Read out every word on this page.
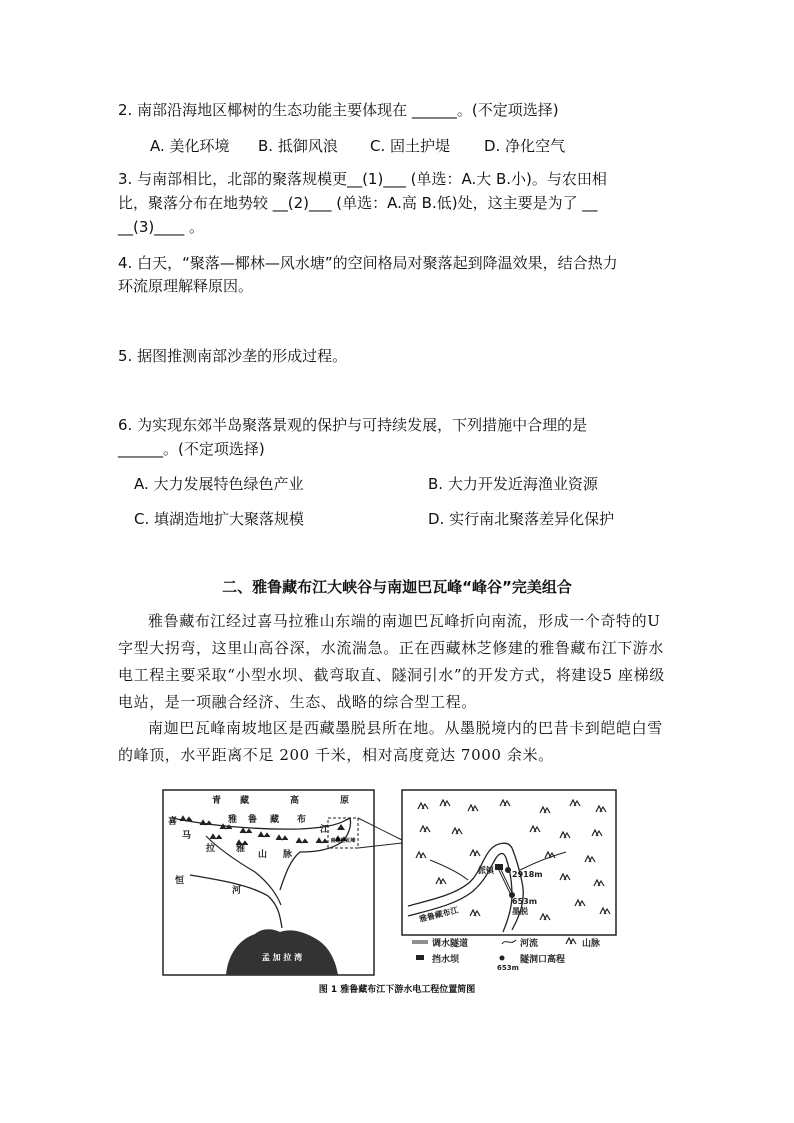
2. 南部沿海地区椰树的生态功能主要体现在 ______。(不定项选择)
A. 美化环境 B. 抵御风浪 C. 固土护堤 D. 净化空气
3. 与南部相比，北部的聚落规模更__(1)___ (单选：A.大 B.小)。与农田相
比，聚落分布在地势较 __(2)___ (单选：A.高 B.低)处，这主要是为了 __
__(3)____ 。
4. 白天，“聚落—椰林—风水塘”的空间格局对聚落起到降温效果，结合热力
环流原理解释原因。
5. 据图推测南部沙垄的形成过程。
6. 为实现东郊半岛聚落景观的保护与可持续发展，下列措施中合理的是
______。(不定项选择)
A. 大力发展特色绿色产业	B. 大力开发近海渔业资源
C. 填湖造地扩大聚落规模	D. 实行南北聚落差异化保护
二、雅鲁藏布江大峡谷与南迦巴瓦峰“峰谷”完美组合
雅鲁藏布江经过喜马拉雅山东端的南迦巴瓦峰折向南流，形成一个奇特的U 字型大拐弯，这里山高谷深，水流湍急。正在西藏林芝修建的雅鲁藏布江下游水电工程主要采取“小型水坝、截弯取直、隧洞引水”的开发方式，将建设5 座梯级电站，是一项融合经济、生态、战略的综合型工程。
南迦巴瓦峰南坡地区是西藏墨脱县所在地。从墨脱境内的巴昔卡到皑皑白雪的峰顶，水平距离不足 200 千米，相对高度竟达 7000 余米。
南迦巴瓦峰
青 藏	高	原
喜
马
拉 雅
山 脉
雅 鲁 藏 布
江
恒
河
孟 加 拉 湾
派镇 2918m
653m
墨脱
雅鲁藏布江
调水隧道	河流	山脉
挡水坝
653m
隧洞口高程
图 1 雅鲁藏布江下游水电工程位置简图
